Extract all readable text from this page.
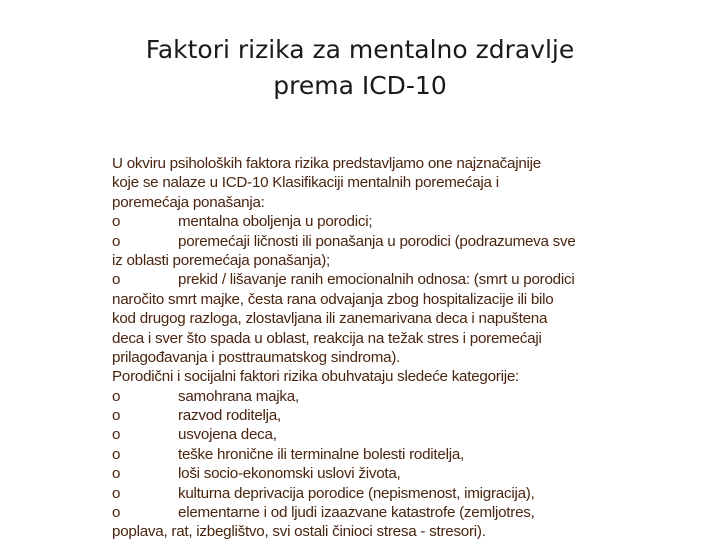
Faktori rizika za mentalno zdravlje
prema ICD-10
U okviru psiholoških faktora rizika predstavljamo one najznačajnije
koje se nalaze u ICD-10 Klasifikaciji mentalnih poremećaja i
poremećaja ponašanja:
o	mentalna oboljenja u porodici;
o	poremećaji ličnosti ili ponašanja u porodici (podrazumeva sve
iz oblasti poremećaja ponašanja);
o	prekid / lišavanje ranih emocionalnih odnosa: (smrt u porodici
naročito smrt majke, česta rana odvajanja zbog hospitalizacije ili bilo
kod drugog razloga, zlostavljana ili zanemarivana deca i napuštena
deca i sver što spada u oblast, reakcija na težak stres i poremećaji
prilagođavanja i posttraumatskog sindroma).
Porodični i socijalni faktori rizika obuhvataju sledeće kategorije:
o	samohrana majka,
o	razvod roditelja,
o	usvojena deca,
o	teške hronične ili terminalne bolesti roditelja,
o	loši socio-ekonomski uslovi života,
o	kulturna deprivacija porodice (nepismenost, imigracija),
o	elementarne i od ljudi izaazvane katastrofe (zemljotres,
poplava, rat, izbeglištvo, svi ostali činioci stresa - stresori).
